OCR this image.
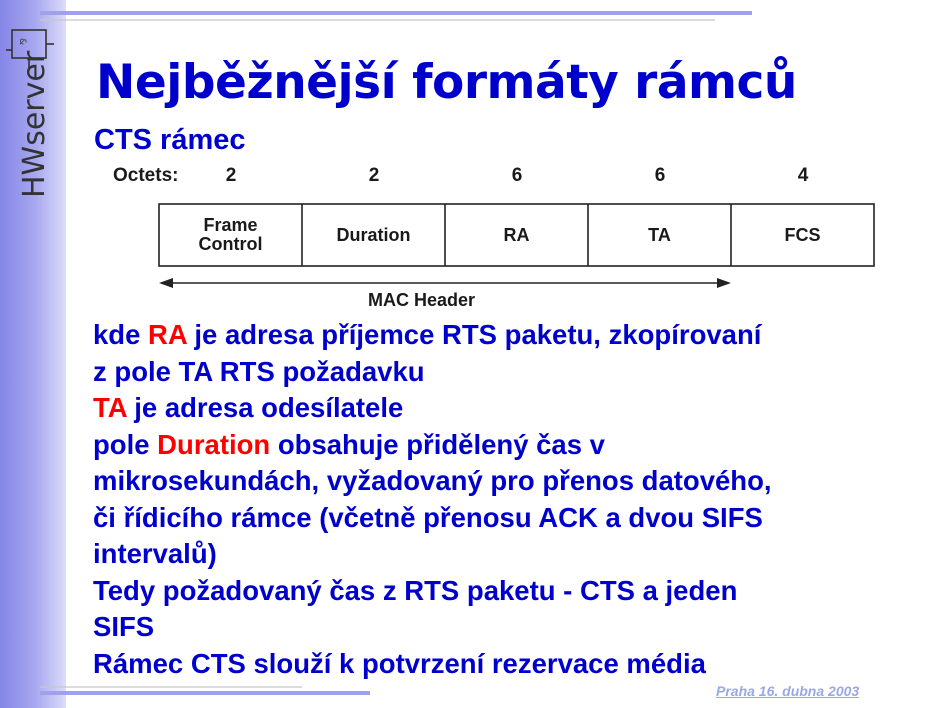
&
HWserver Nejběžnější formáty rámců
CTS rámec
Octets: 2	2	6	6	4
Frame
Control	Duration	RA	TA	FCS
MAC Header

kde RA je adresa příjemce RTS paketu, zkopírovaní

z pole TA RTS požadavku

TA je adresa odesílatele

pole Duration obsahuje přidělený čas v

mikrosekundách, vyžadovaný pro přenos datového,

či řídicího rámce (včetně přenosu ACK a dvou SIFS

intervalů)

Tedy požadovaný čas z RTS paketu - CTS a jeden

SIFS

Rámec CTS slouží k potvrzení rezervace média

Praha 16. dubna 2003
